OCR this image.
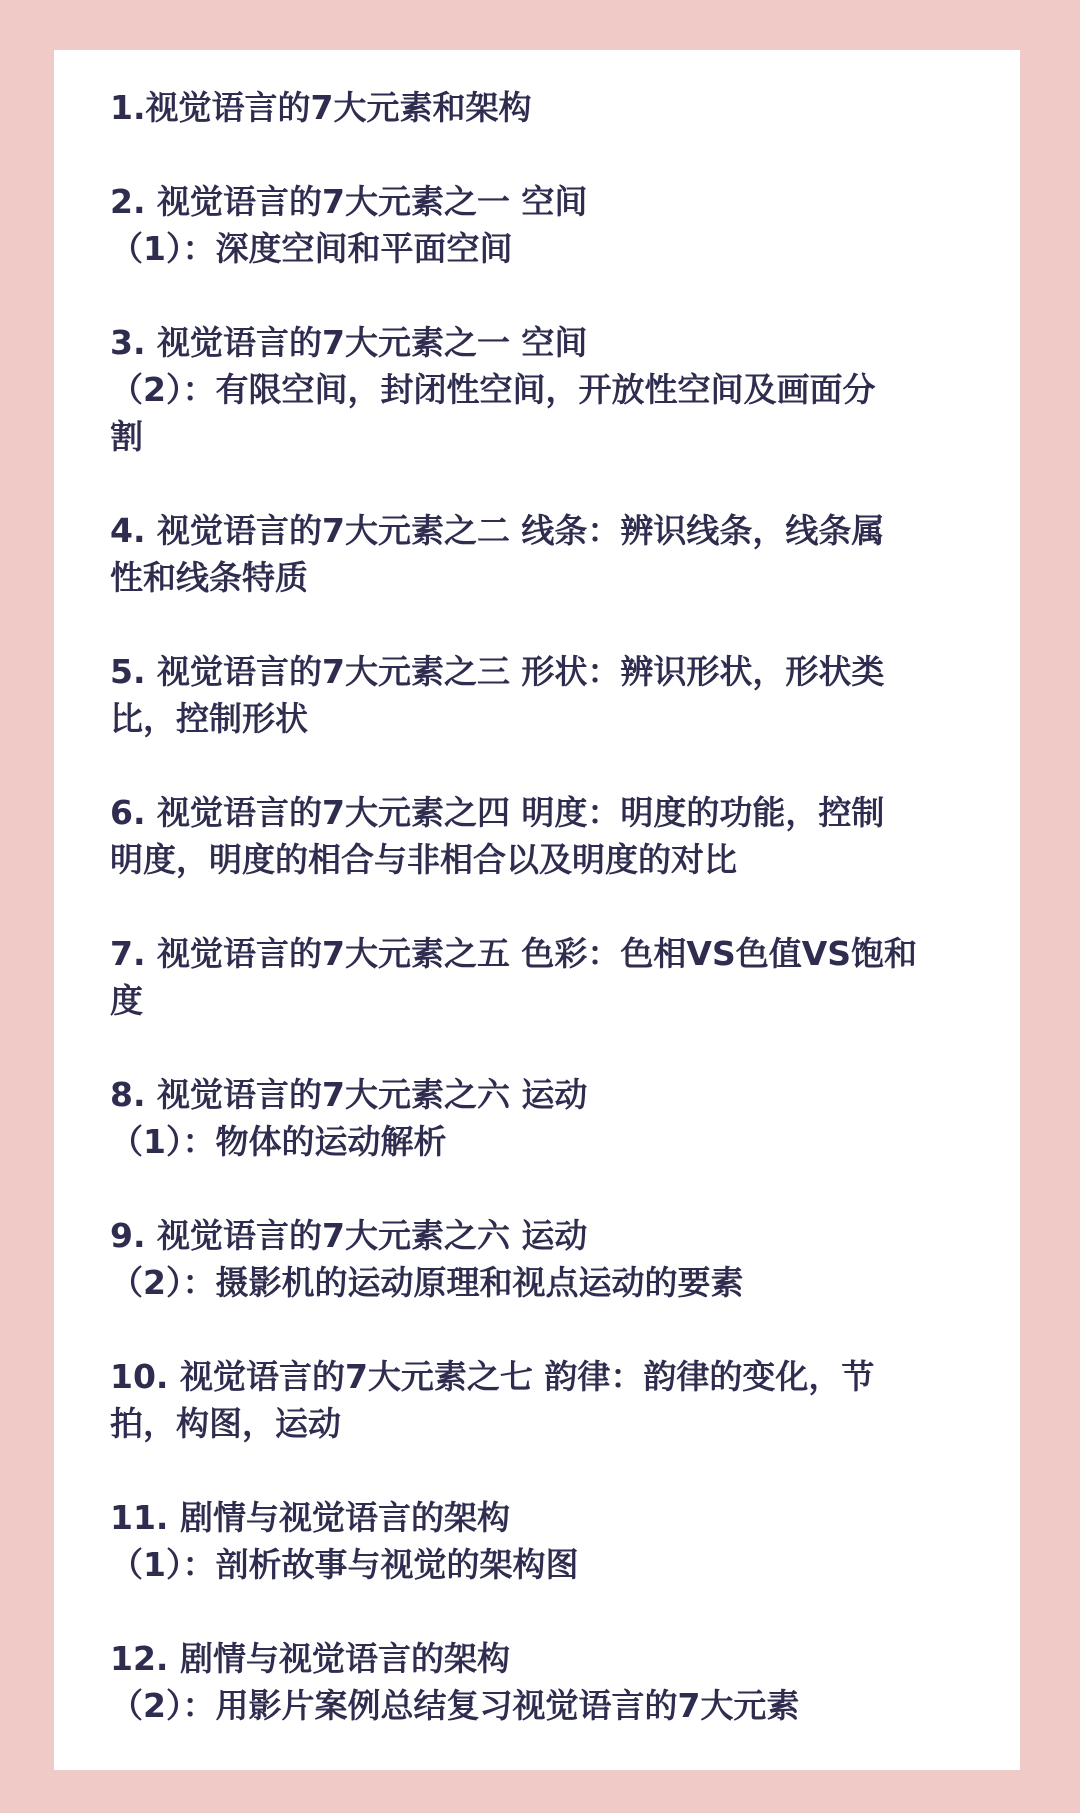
1.视觉语言的7大元素和架构

2. 视觉语言的7大元素之一 空间

（1）：深度空间和平面空间

3. 视觉语言的7大元素之一 空间

（2）：有限空间，封闭性空间，开放性空间及画面分

割

4. 视觉语言的7大元素之二 线条：辨识线条，线条属

性和线条特质

5. 视觉语言的7大元素之三 形状：辨识形状，形状类

比，控制形状

6. 视觉语言的7大元素之四 明度：明度的功能，控制

明度，明度的相合与非相合以及明度的对比

7. 视觉语言的7大元素之五 色彩：色相VS色值VS饱和

度

8. 视觉语言的7大元素之六 运动

（1）：物体的运动解析

9. 视觉语言的7大元素之六 运动

（2）：摄影机的运动原理和视点运动的要素

10. 视觉语言的7大元素之七 韵律：韵律的变化，节

拍，构图，运动

11. 剧情与视觉语言的架构

（1）：剖析故事与视觉的架构图

12. 剧情与视觉语言的架构

（2）：用影片案例总结复习视觉语言的7大元素
